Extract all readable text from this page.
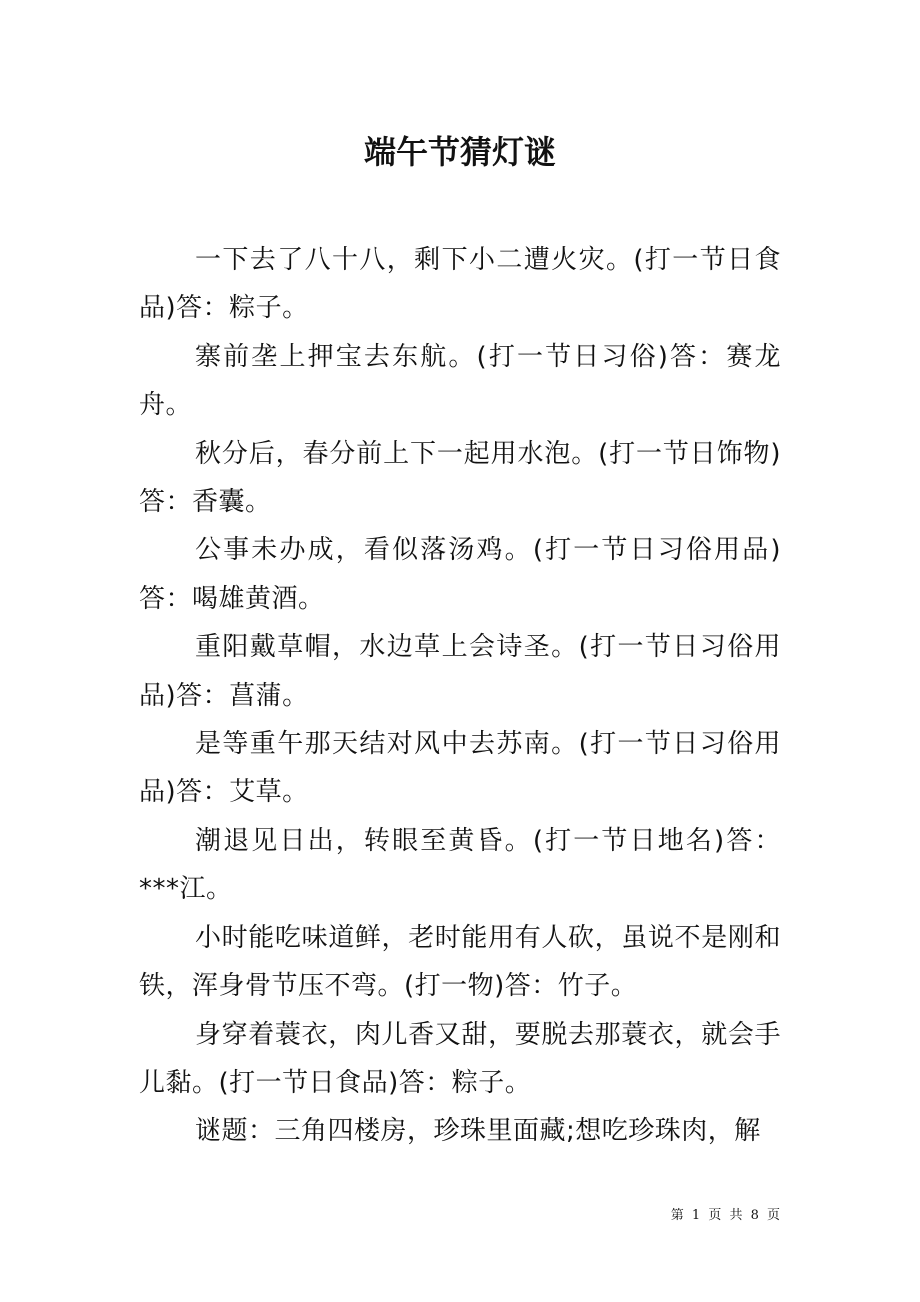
端午节猜灯谜

一下去了八十八，剩下小二遭火灾。(打一节日食品)答：粽子。

寨前垄上押宝去东航。(打一节日习俗)答：赛龙舟。

秋分后，春分前上下一起用水泡。(打一节日饰物)答：香囊。

公事未办成，看似落汤鸡。(打一节日习俗用品)答：喝雄黄酒。

重阳戴草帽，水边草上会诗圣。(打一节日习俗用品)答：菖蒲。

是等重午那天结对风中去苏南。(打一节日习俗用品)答：艾草。

潮退见日出，转眼至黄昏。(打一节日地名)答：***江。

小时能吃味道鲜，老时能用有人砍，虽说不是刚和铁，浑身骨节压不弯。(打一物)答：竹子。

身穿着蓑衣，肉儿香又甜，要脱去那蓑衣，就会手儿黏。(打一节日食品)答：粽子。

谜题：三角四楼房，珍珠里面藏;想吃珍珠肉，解

第 1 页 共 8 页
